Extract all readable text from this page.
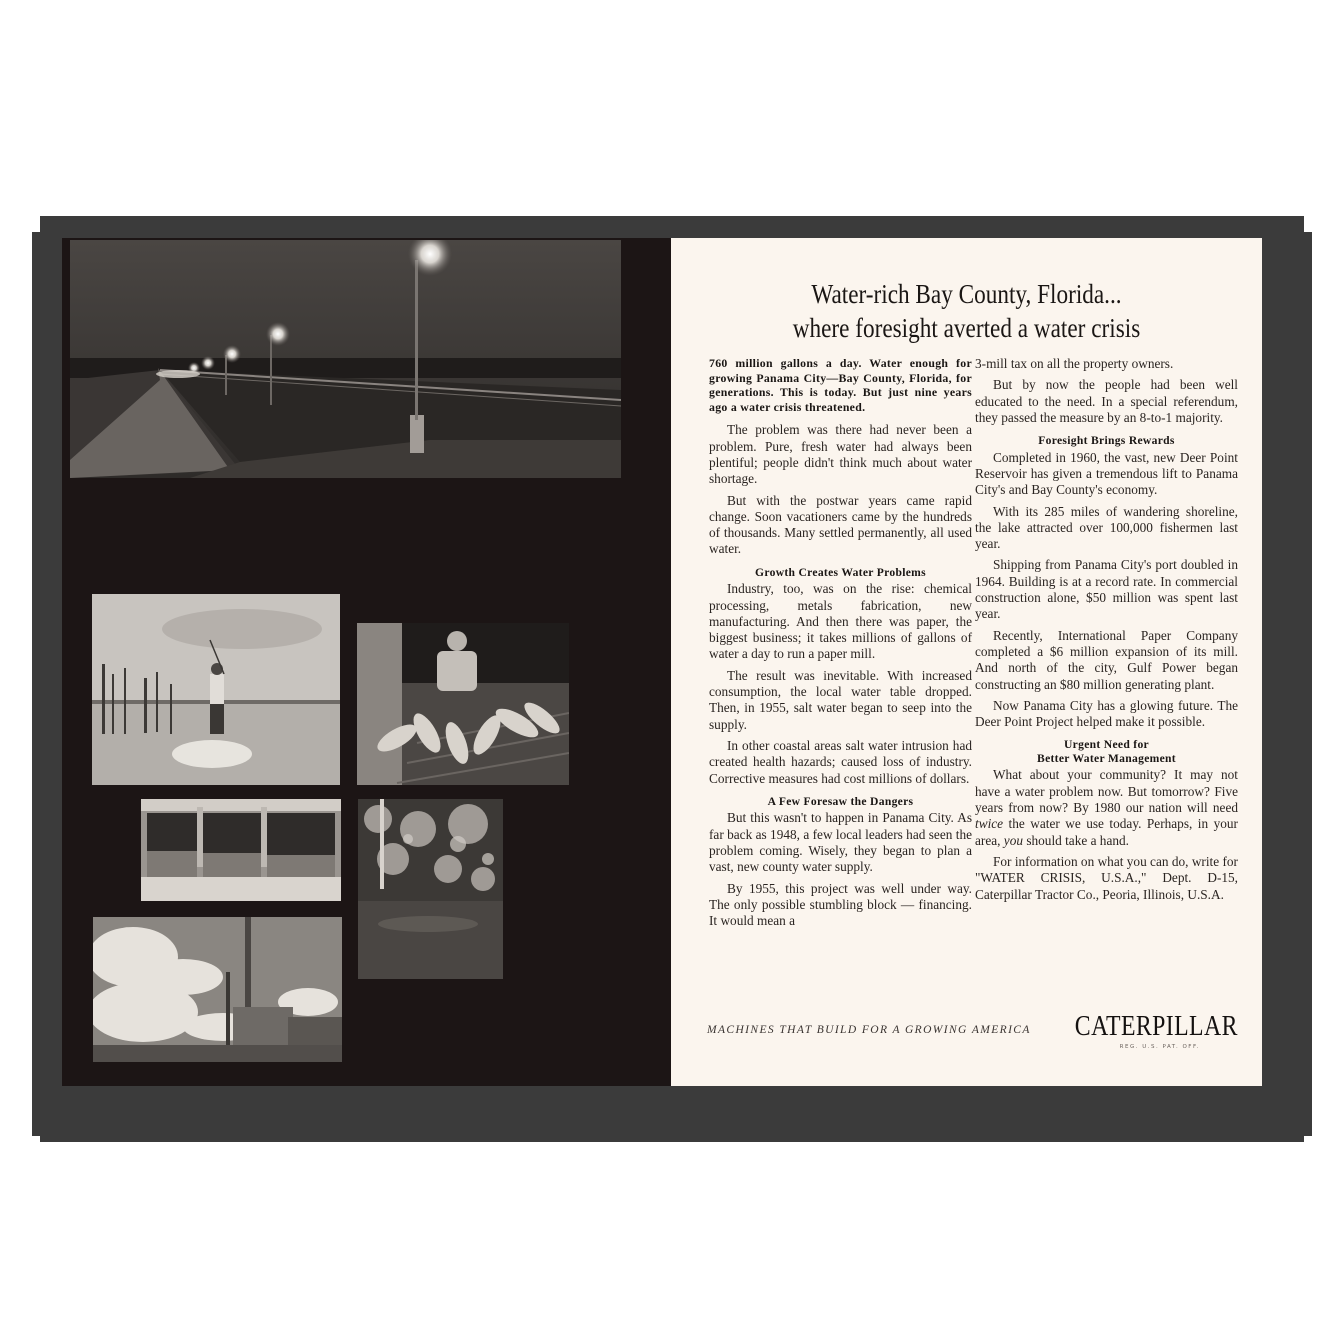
Water-rich Bay County, Florida...
where foresight averted a water crisis

760 million gallons a day. Water enough for growing Panama City—Bay County, Florida, for generations. This is today. But just nine years ago a water crisis threatened.

The problem was there had never been a problem. Pure, fresh water had always been plentiful; people didn't think much about water shortage.

But with the postwar years came rapid change. Soon vacationers came by the hundreds of thousands. Many settled permanently, all used water.

Growth Creates Water Problems

Industry, too, was on the rise: chemical processing, metals fabrication, new manufacturing. And then there was paper, the biggest business; it takes millions of gallons of water a day to run a paper mill.

The result was inevitable. With increased consumption, the local water table dropped. Then, in 1955, salt water began to seep into the supply.

In other coastal areas salt water intrusion had created health hazards; caused loss of industry. Corrective measures had cost millions of dollars.

A Few Foresaw the Dangers

But this wasn't to happen in Panama City. As far back as 1948, a few local leaders had seen the problem coming. Wisely, they began to plan a vast, new county water supply.

By 1955, this project was well under way. The only possible stumbling block — financing. It would mean a

3-mill tax on all the property owners.

But by now the people had been well educated to the need. In a special referendum, they passed the measure by an 8-to-1 majority.

Foresight Brings Rewards

Completed in 1960, the vast, new Deer Point Reservoir has given a tremendous lift to Panama City's and Bay County's economy.

With its 285 miles of wandering shoreline, the lake attracted over 100,000 fishermen last year.

Shipping from Panama City's port doubled in 1964. Building is at a record rate. In commercial construction alone, $50 million was spent last year.

Recently, International Paper Company completed a $6 million expansion of its mill. And north of the city, Gulf Power began constructing an $80 million generating plant.

Now Panama City has a glowing future. The Deer Point Project helped make it possible.

Urgent Need for
Better Water Management

What about your community? It may not have a water problem now. But tomorrow? Five years from now? By 1980 our nation will need twice the water we use today. Perhaps, in your area, you should take a hand.

For information on what you can do, write for "WATER CRISIS, U.S.A.," Dept. D-15, Caterpillar Tractor Co., Peoria, Illinois, U.S.A.

MACHINES THAT BUILD FOR A GROWING AMERICA CATERPILLAR
REG. U.S. PAT. OFF.
